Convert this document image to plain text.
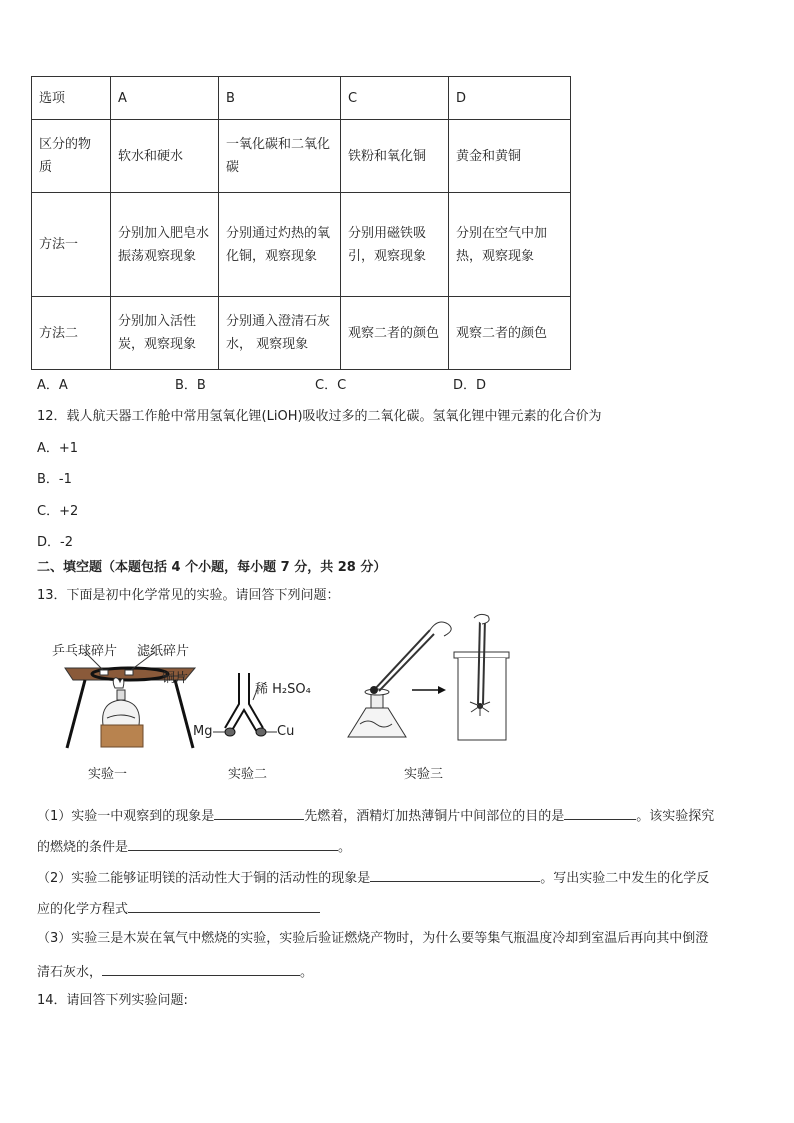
选项	A	B	C	D
区分的物质	软水和硬水	一氧化碳和二氧化碳	铁粉和氧化铜	黄金和黄铜
方法一	分别加入肥皂水振荡观察现象	分别通过灼热的氧化铜，观察现象	分别用磁铁吸引，观察现象	分别在空气中加热，观察现象
方法二	分别加入活性炭，观察现象	分别通入澄清石灰水， 观察现象	观察二者的颜色	观察二者的颜色
A．A	B．B	C．C	D．D
12．载人航天器工作舱中常用氢氧化锂(LiOH)吸收过多的二氧化碳。氢氧化锂中锂元素的化合价为
A．+1
B．-1
C．+2
D．-2
二、填空题（本题包括 4 个小题，每小题 7 分，共 28 分）
13．下面是初中化学常见的实验。请回答下列问题：
乒乓球碎片 滤纸碎片
铜片
稀 H₂SO₄
Mg	Cu
实验一	实验二	实验三
（1）实验一中观察到的现象是	先燃着，酒精灯加热薄铜片中间部位的目的是	。该实验探究
的燃烧的条件是	。
（2）实验二能够证明镁的活动性大于铜的活动性的现象是	。写出实验二中发生的化学反
应的化学方程式
（3）实验三是木炭在氧气中燃烧的实验，实验后验证燃烧产物时，为什么要等集气瓶温度冷却到室温后再向其中倒澄
清石灰水，	。
14．请回答下列实验问题:
